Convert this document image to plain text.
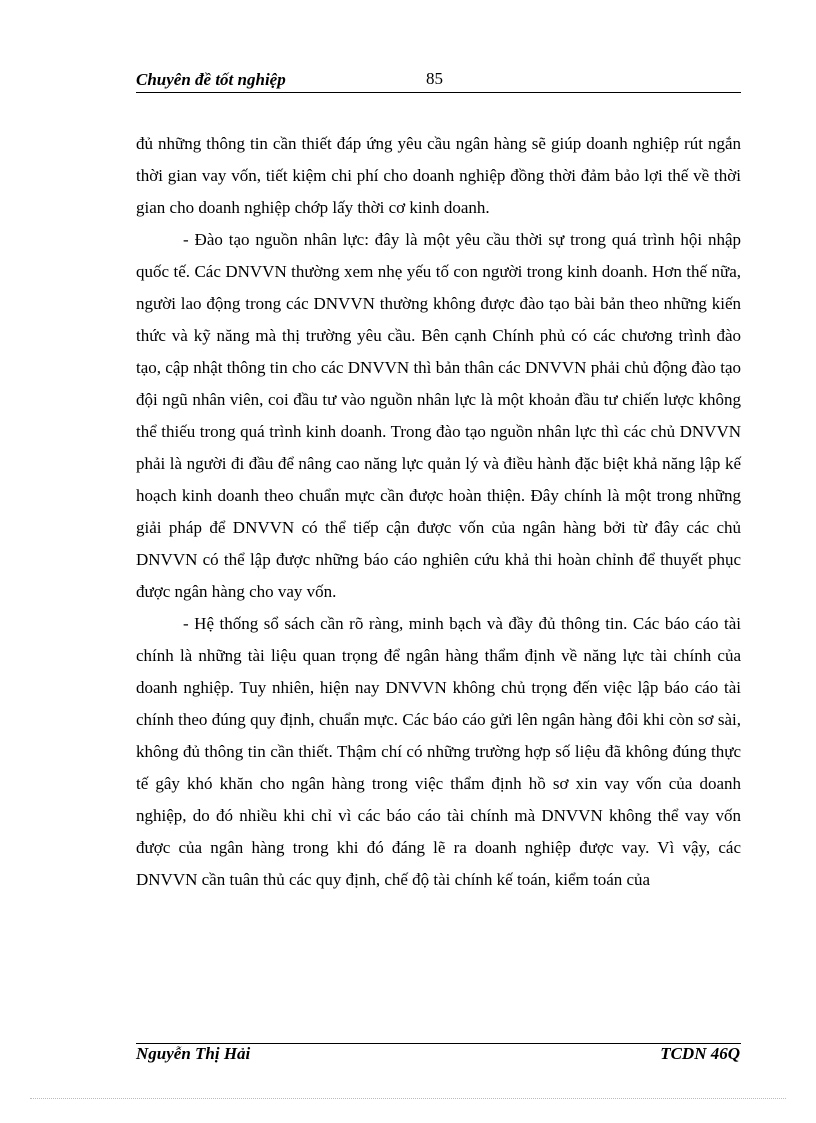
Chuyên đề tốt nghiệp	85

đủ những thông tin cần thiết đáp ứng yêu cầu ngân hàng sẽ giúp doanh nghiệp rút ngắn thời gian vay vốn, tiết kiệm chi phí cho doanh nghiệp đồng thời đảm bảo lợi thế về thời gian cho doanh nghiệp chớp lấy thời cơ kinh doanh.

- Đào tạo nguồn nhân lực: đây là một yêu cầu thời sự trong quá trình hội nhập quốc tế. Các DNVVN thường xem nhẹ yếu tố con người trong kinh doanh. Hơn thế nữa, người lao động trong các DNVVN thường không được đào tạo bài bản theo những kiến thức và kỹ năng mà thị trường yêu cầu. Bên cạnh Chính phủ có các chương trình đào tạo, cập nhật thông tin cho các DNVVN thì bản thân các DNVVN phải chủ động đào tạo đội ngũ nhân viên, coi đầu tư vào nguồn nhân lực là một khoản đầu tư chiến lược không thể thiếu trong quá trình kinh doanh. Trong đào tạo nguồn nhân lực thì các chủ DNVVN phải là người đi đầu để nâng cao năng lực quản lý và điều hành đặc biệt khả năng lập kế hoạch kinh doanh theo chuẩn mực cần được hoàn thiện. Đây chính là một trong những giải pháp để DNVVN có thể tiếp cận được vốn của ngân hàng bởi từ đây các chủ DNVVN có thể lập được những báo cáo nghiên cứu khả thi hoàn chỉnh để thuyết phục được ngân hàng cho vay vốn.

- Hệ thống sổ sách cần rõ ràng, minh bạch và đầy đủ thông tin. Các báo cáo tài chính là những tài liệu quan trọng để ngân hàng thẩm định về năng lực tài chính của doanh nghiệp. Tuy nhiên, hiện nay DNVVN không chủ trọng đến việc lập báo cáo tài chính theo đúng quy định, chuẩn mực. Các báo cáo gửi lên ngân hàng đôi khi còn sơ sài, không đủ thông tin cần thiết. Thậm chí có những trường hợp số liệu đã không đúng thực tế gây khó khăn cho ngân hàng trong việc thẩm định hồ sơ xin vay vốn của doanh nghiệp, do đó nhiều khi chỉ vì các báo cáo tài chính mà DNVVN không thể vay vốn được của ngân hàng trong khi đó đáng lẽ ra doanh nghiệp được vay. Vì vậy, các DNVVN cần tuân thủ các quy định, chế độ tài chính kế toán, kiểm toán của

Nguyễn Thị Hải	TCDN 46Q
